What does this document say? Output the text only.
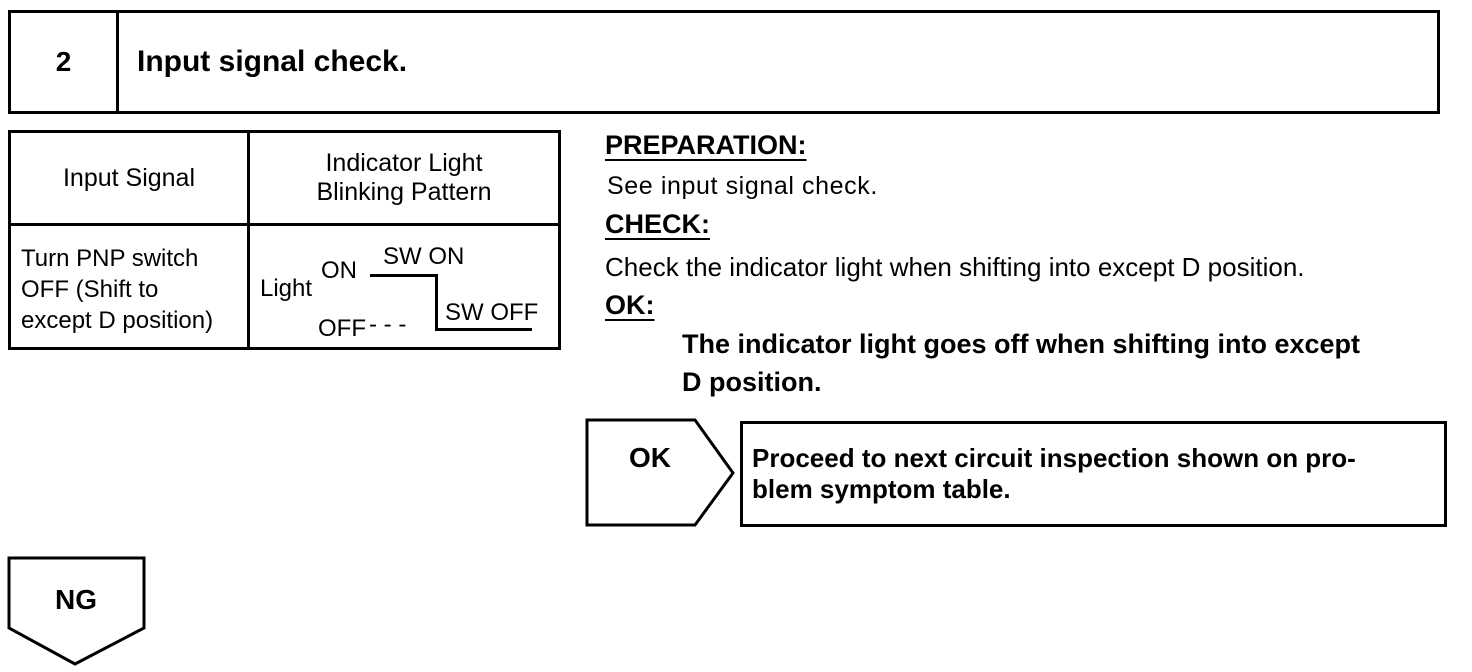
2	Input signal check.
Input Signal
Indicator Light
Blinking Pattern
Turn PNP switch
OFF (Shift to
except D position)
Light
ON
SW ON
OFF - - - SW OFF
PREPARATION:
See input signal check.
CHECK:
Check the indicator light when shifting into except D position.
OK:
The indicator light goes off when shifting into except
D position.
OK	Proceed to next circuit inspection shown on pro-
blem symptom table.
NG
